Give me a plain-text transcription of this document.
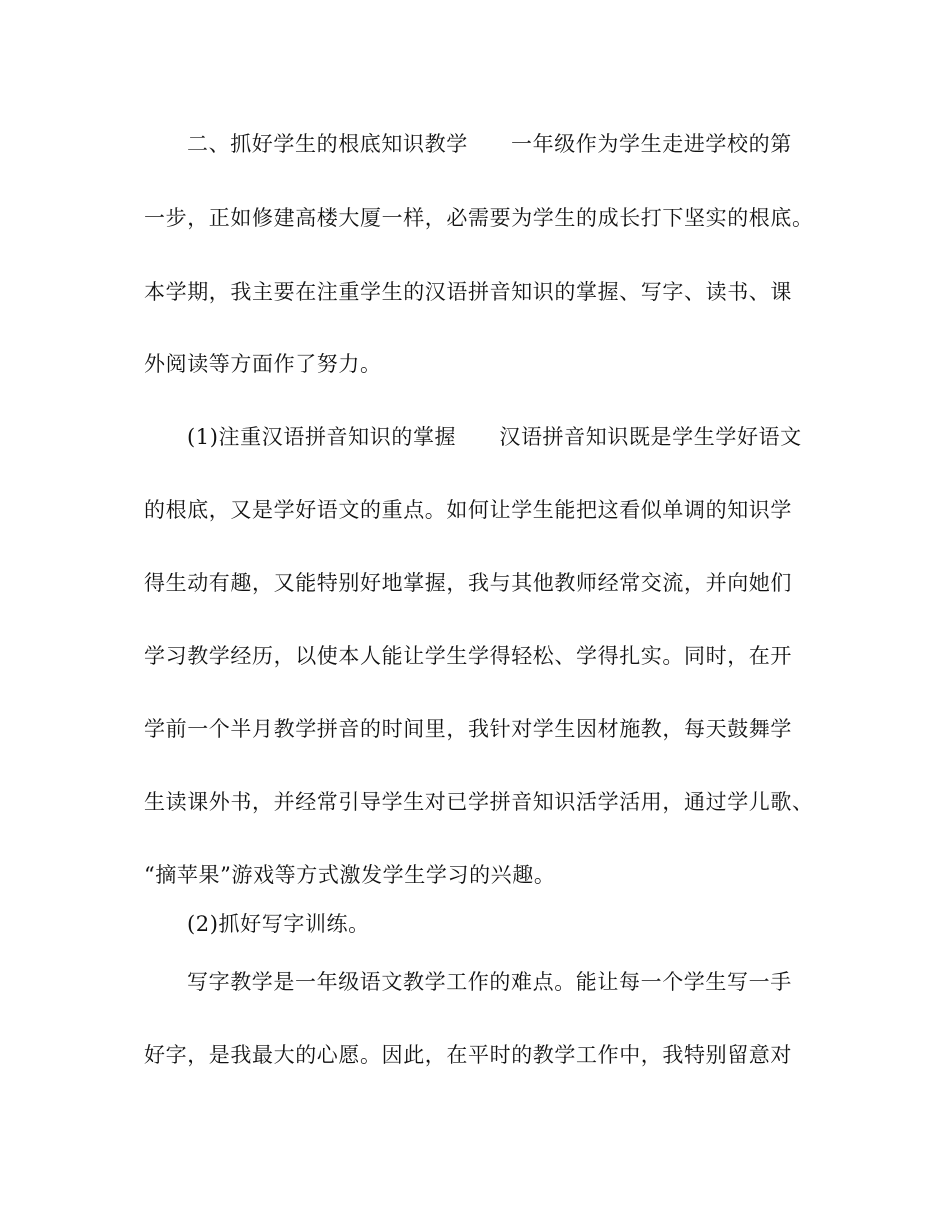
二、抓好学生的根底知识教学　　一年级作为学生走进学校的第
一步，正如修建高楼大厦一样，必需要为学生的成长打下坚实的根底。
本学期，我主要在注重学生的汉语拼音知识的掌握、写字、读书、课
外阅读等方面作了努力。
(1)注重汉语拼音知识的掌握　　汉语拼音知识既是学生学好语文
的根底，又是学好语文的重点。如何让学生能把这看似单调的知识学
得生动有趣，又能特别好地掌握，我与其他教师经常交流，并向她们
学习教学经历，以使本人能让学生学得轻松、学得扎实。同时，在开
学前一个半月教学拼音的时间里，我针对学生因材施教，每天鼓舞学
生读课外书，并经常引导学生对已学拼音知识活学活用，通过学儿歌、
“摘苹果”游戏等方式激发学生学习的兴趣。
(2)抓好写字训练。
写字教学是一年级语文教学工作的难点。能让每一个学生写一手
好字，是我最大的心愿。因此，在平时的教学工作中，我特别留意对
